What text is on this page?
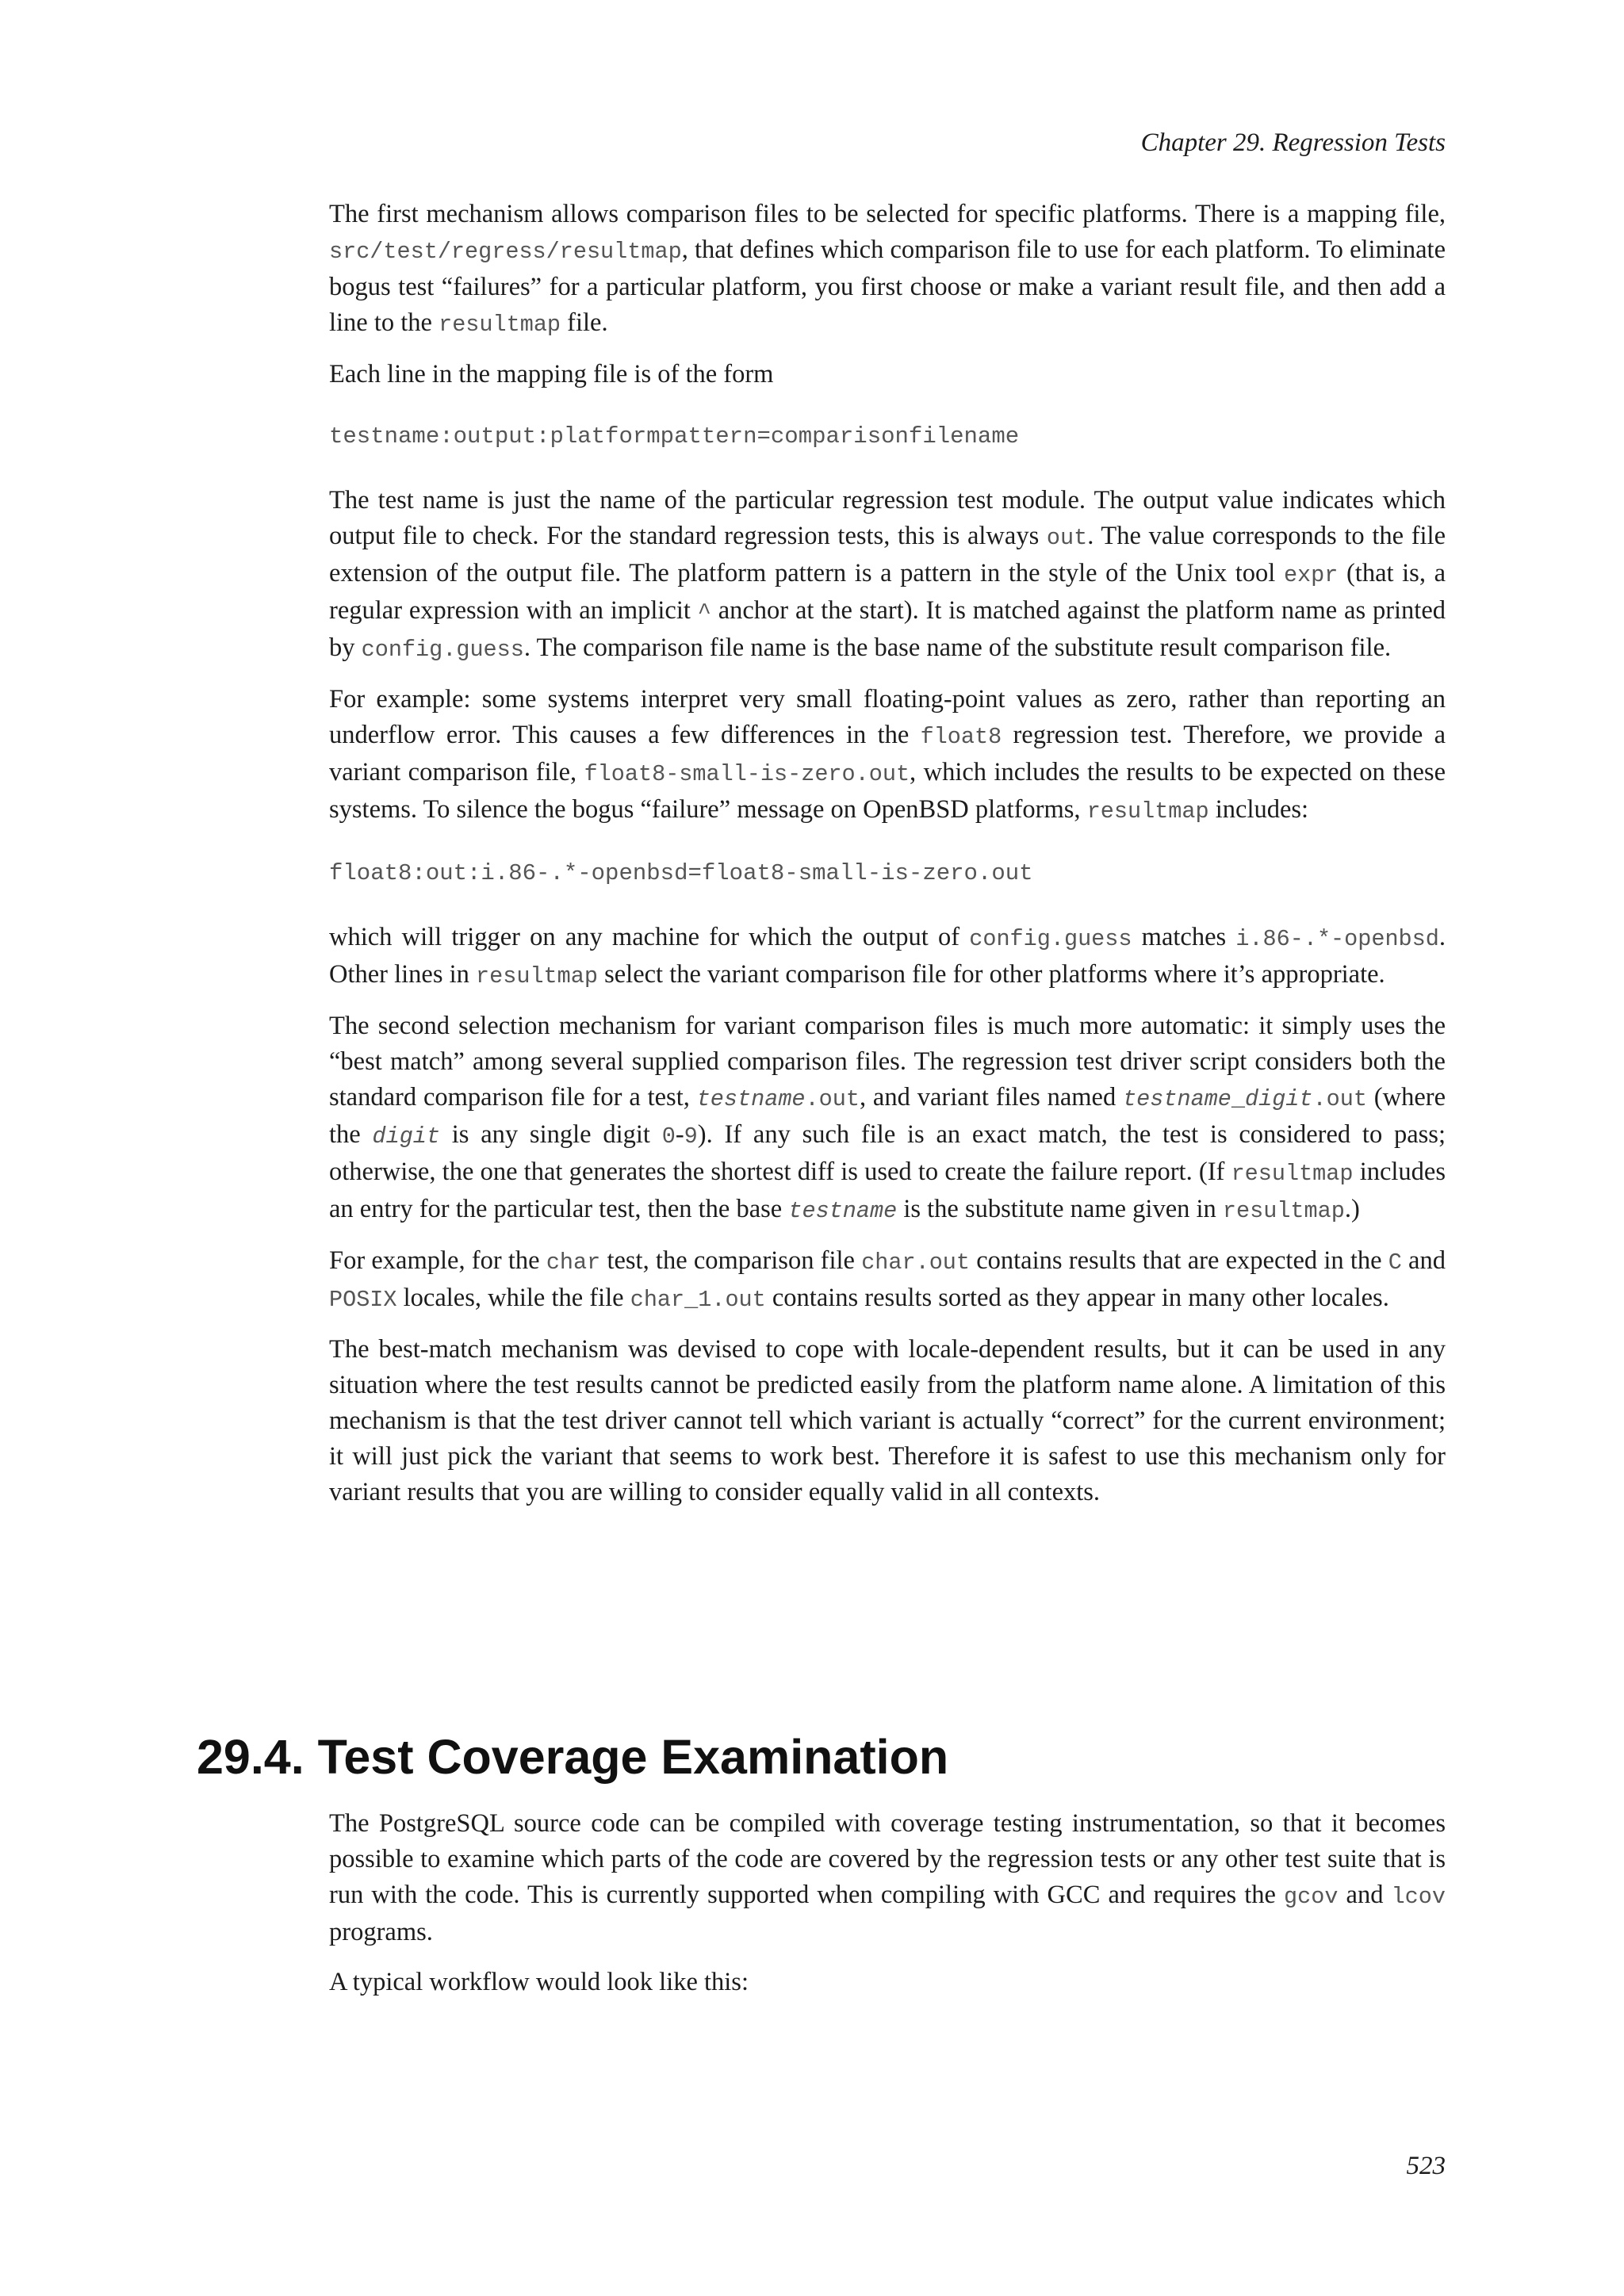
Chapter 29. Regression Tests

The first mechanism allows comparison files to be selected for specific platforms. There is a mapping file, src/test/regress/resultmap, that defines which comparison file to use for each platform. To eliminate bogus test “failures” for a particular platform, you first choose or make a variant result file, and then add a line to the resultmap file.

Each line in the mapping file is of the form

testname:output:platformpattern=comparisonfilename

The test name is just the name of the particular regression test module. The output value indicates which output file to check. For the standard regression tests, this is always out. The value corresponds to the file extension of the output file. The platform pattern is a pattern in the style of the Unix tool expr (that is, a regular expression with an implicit ^ anchor at the start). It is matched against the platform name as printed by config.guess. The comparison file name is the base name of the substitute result comparison file.

For example: some systems interpret very small floating-point values as zero, rather than reporting an underflow error. This causes a few differences in the float8 regression test. Therefore, we provide a variant comparison file, float8-small-is-zero.out, which includes the results to be expected on these systems. To silence the bogus “failure” message on OpenBSD platforms, resultmap includes:

float8:out:i.86-.*-openbsd=float8-small-is-zero.out

which will trigger on any machine for which the output of config.guess matches i.86-.*-openbsd. Other lines in resultmap select the variant comparison file for other platforms where it’s appropriate.

The second selection mechanism for variant comparison files is much more automatic: it simply uses the “best match” among several supplied comparison files. The regression test driver script considers both the standard comparison file for a test, testname.out, and variant files named testname_digit.out (where the digit is any single digit 0-9). If any such file is an exact match, the test is considered to pass; otherwise, the one that generates the shortest diff is used to create the failure report. (If resultmap includes an entry for the particular test, then the base testname is the substitute name given in resultmap.)

For example, for the char test, the comparison file char.out contains results that are expected in the C and POSIX locales, while the file char_1.out contains results sorted as they appear in many other locales.

The best-match mechanism was devised to cope with locale-dependent results, but it can be used in any situation where the test results cannot be predicted easily from the platform name alone. A limitation of this mechanism is that the test driver cannot tell which variant is actually “correct” for the current environment; it will just pick the variant that seems to work best. Therefore it is safest to use this mechanism only for variant results that you are willing to consider equally valid in all contexts.

29.4. Test Coverage Examination

The PostgreSQL source code can be compiled with coverage testing instrumentation, so that it becomes possible to examine which parts of the code are covered by the regression tests or any other test suite that is run with the code. This is currently supported when compiling with GCC and requires the gcov and lcov programs.

A typical workflow would look like this:

523
